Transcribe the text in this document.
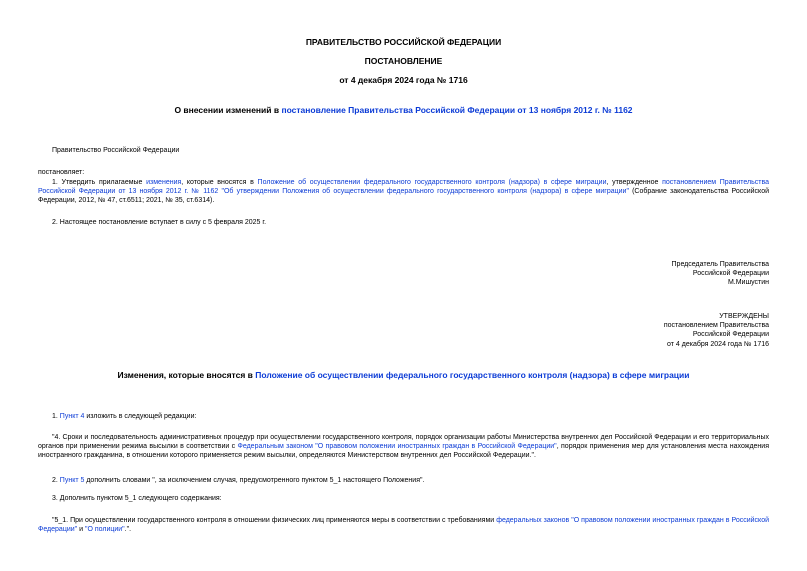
ПРАВИТЕЛЬСТВО РОССИЙСКОЙ ФЕДЕРАЦИИ
ПОСТАНОВЛЕНИЕ
от 4 декабря 2024 года № 1716
О внесении изменений в постановление Правительства Российской Федерации от 13 ноября 2012 г. № 1162
Правительство Российской Федерации
постановляет:
1. Утвердить прилагаемые изменения, которые вносятся в Положение об осуществлении федерального государственного контроля (надзора) в сфере миграции, утвержденное постановлением Правительства Российской Федерации от 13 ноября 2012 г. № 1162 "Об утверждении Положения об осуществлении федерального государственного контроля (надзора) в сфере миграции" (Собрание законодательства Российской Федерации, 2012, № 47, ст.6511; 2021, № 35, ст.6314).
2. Настоящее постановление вступает в силу с 5 февраля 2025 г.

Председатель Правительства

Российской Федерации

М.Мишустин

УТВЕРЖДЕНЫ

постановлением Правительства

Российской Федерации

от 4 декабря 2024 года № 1716

Изменения, которые вносятся в Положение об осуществлении федерального государственного контроля (надзора) в сфере миграции
1. Пункт 4 изложить в следующей редакции:
"4. Сроки и последовательность административных процедур при осуществлении государственного контроля, порядок организации работы Министерства внутренних дел Российской Федерации и его территориальных органов при применении режима высылки в соответствии с Федеральным законом "О правовом положении иностранных граждан в Российской Федерации", порядок применения мер для установления места нахождения иностранного гражданина, в отношении которого применяется режим высылки, определяются Министерством внутренних дел Российской Федерации.".
2. Пункт 5 дополнить словами ", за исключением случая, предусмотренного пунктом 5_1 настоящего Положения".
3. Дополнить пунктом 5_1 следующего содержания:
"5_1. При осуществлении государственного контроля в отношении физических лиц применяются меры в соответствии с требованиями федеральных законов "О правовом положении иностранных граждан в Российской Федерации" и "О полиции".".
